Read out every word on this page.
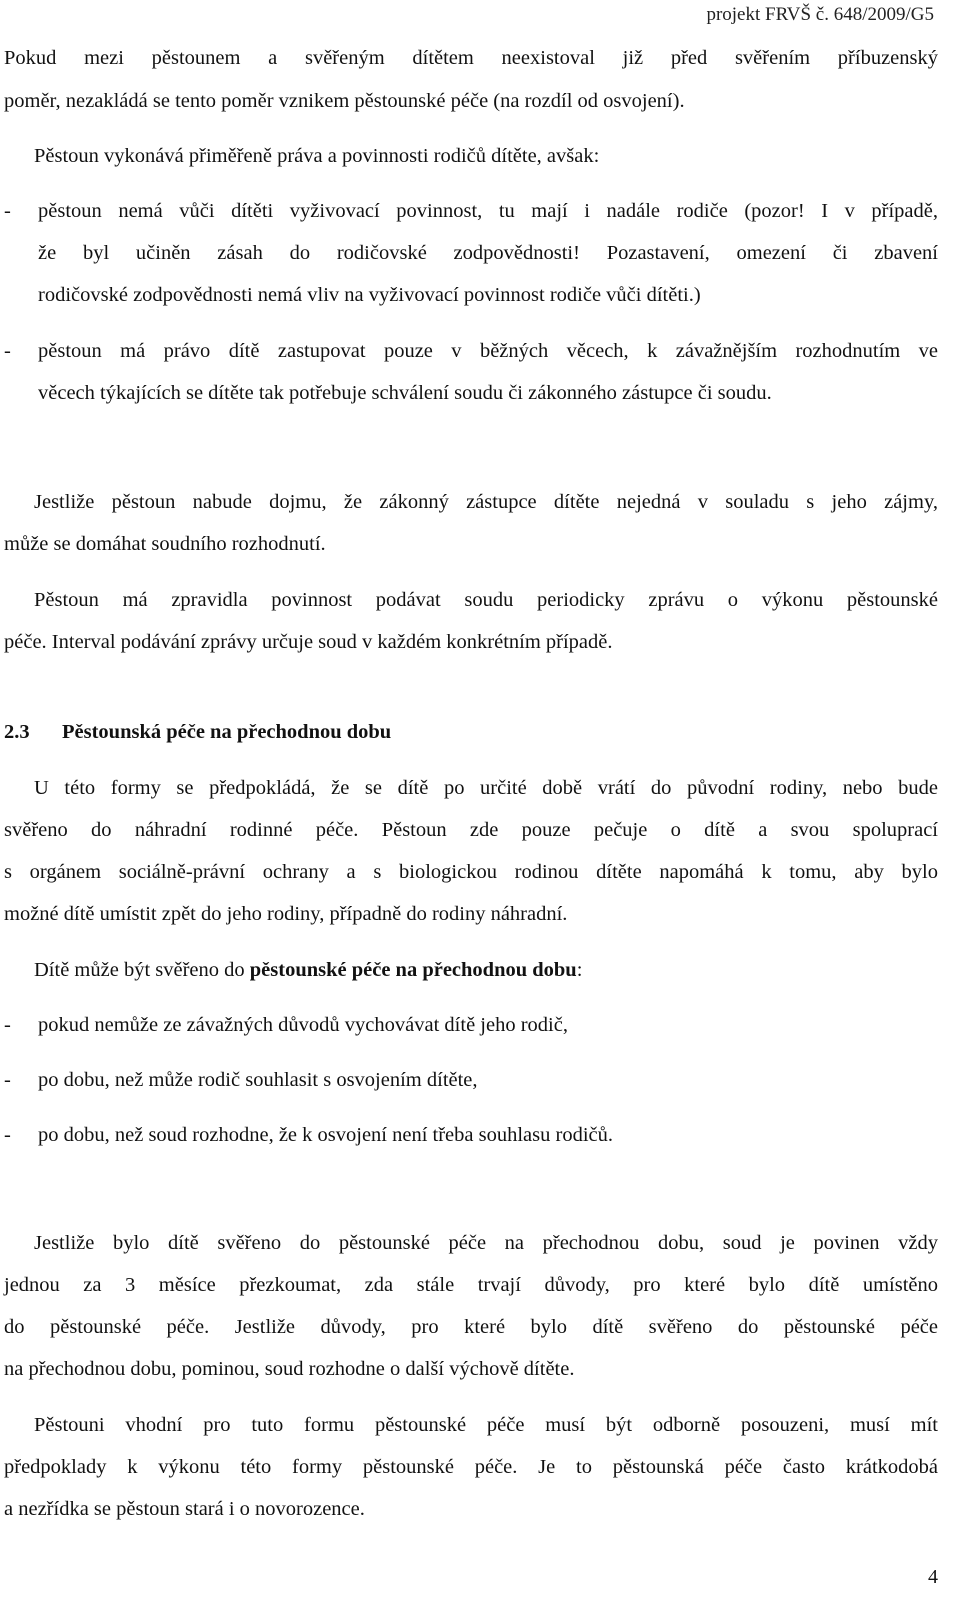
projekt FRVŠ č. 648/2009/G5
Pokud mezi pěstounem a svěřeným dítětem neexistoval již před svěřením příbuzenský
poměr, nezakládá se tento poměr vznikem pěstounské péče (na rozdíl od osvojení).
Pěstoun vykonává přiměřeně práva a povinnosti rodičů dítěte, avšak:
- pěstoun nemá vůči dítěti vyživovací povinnost, tu mají i nadále rodiče (pozor! I v případě,
že byl učiněn zásah do rodičovské zodpovědnosti! Pozastavení, omezení či zbavení
rodičovské zodpovědnosti nemá vliv na vyživovací povinnost rodiče vůči dítěti.)
- pěstoun má právo dítě zastupovat pouze v běžných věcech, k závažnějším rozhodnutím ve
věcech týkajících se dítěte tak potřebuje schválení soudu či zákonného zástupce či soudu.
Jestliže pěstoun nabude dojmu, že zákonný zástupce dítěte nejedná v souladu s jeho zájmy,
může se domáhat soudního rozhodnutí.
Pěstoun má zpravidla povinnost podávat soudu periodicky zprávu o výkonu pěstounské
péče. Interval podávání zprávy určuje soud v každém konkrétním případě.
2.3 Pěstounská péče na přechodnou dobu
U této formy se předpokládá, že se dítě po určité době vrátí do původní rodiny, nebo bude
svěřeno do náhradní rodinné péče. Pěstoun zde pouze pečuje o dítě a svou spoluprací
s orgánem sociálně-právní ochrany a s biologickou rodinou dítěte napomáhá k tomu, aby bylo
možné dítě umístit zpět do jeho rodiny, případně do rodiny náhradní.
Dítě může být svěřeno do pěstounské péče na přechodnou dobu:
- pokud nemůže ze závažných důvodů vychovávat dítě jeho rodič,
- po dobu, než může rodič souhlasit s osvojením dítěte,
- po dobu, než soud rozhodne, že k osvojení není třeba souhlasu rodičů.
Jestliže bylo dítě svěřeno do pěstounské péče na přechodnou dobu, soud je povinen vždy
jednou za 3 měsíce přezkoumat, zda stále trvají důvody, pro které bylo dítě umístěno
do pěstounské péče. Jestliže důvody, pro které bylo dítě svěřeno do pěstounské péče
na přechodnou dobu, pominou, soud rozhodne o další výchově dítěte.
Pěstouni vhodní pro tuto formu pěstounské péče musí být odborně posouzeni, musí mít
předpoklady k výkonu této formy pěstounské péče. Je to pěstounská péče často krátkodobá
a nezřídka se pěstoun stará i o novorozence.
4
